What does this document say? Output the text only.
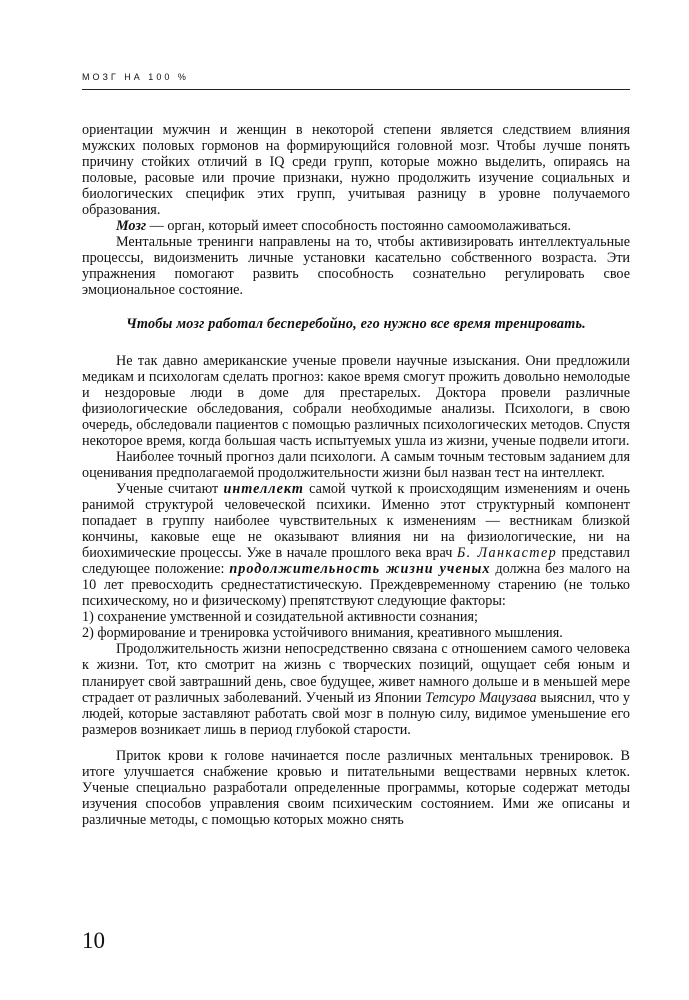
МОЗГ НА 100 %

ориентации мужчин и женщин в некоторой степени является следствием влияния мужских половых гормонов на формирующийся головной мозг. Чтобы лучше понять причину стойких отличий в IQ среди групп, которые можно выделить, опираясь на половые, расовые или прочие признаки, нужно продолжить изучение социальных и биологических специфик этих групп, учитывая разницу в уровне получаемого образования.

Мозг — орган, который имеет способность постоянно самоомолаживаться.

Ментальные тренинги направлены на то, чтобы активизировать интеллектуальные процессы, видоизменить личные установки касательно собственного возраста. Эти упражнения помогают развить способность сознательно регулировать свое эмоциональное состояние.

Чтобы мозг работал бесперебойно, его нужно все время тренировать.

Не так давно американские ученые провели научные изыскания. Они предложили медикам и психологам сделать прогноз: какое время смогут прожить довольно немолодые и нездоровые люди в доме для престарелых. Доктора провели различные физиологические обследования, собрали необходимые анализы. Психологи, в свою очередь, обследовали пациентов с помощью различных психологических методов. Спустя некоторое время, когда большая часть испытуемых ушла из жизни, ученые подвели итоги.

Наиболее точный прогноз дали психологи. А самым точным тестовым заданием для оценивания предполагаемой продолжительности жизни был назван тест на интеллект.

Ученые считают интеллект самой чуткой к происходящим изменениям и очень ранимой структурой человеческой психики. Именно этот структурный компонент попадает в группу наиболее чувствительных к изменениям — вестникам близкой кончины, каковые еще не оказывают влияния ни на физиологические, ни на биохимические процессы. Уже в начале прошлого века врач Б. Ланкастер представил следующее положение: продолжительность жизни ученых должна без малого на 10 лет превосходить среднестатистическую. Преждевременному старению (не только психическому, но и физическому) препятствуют следующие факторы:

1) сохранение умственной и созидательной активности сознания;

2) формирование и тренировка устойчивого внимания, креативного мышления.

Продолжительность жизни непосредственно связана с отношением самого человека к жизни. Тот, кто смотрит на жизнь с творческих позиций, ощущает себя юным и планирует свой завтрашний день, свое будущее, живет намного дольше и в меньшей мере страдает от различных заболеваний. Ученый из Японии Тетсуро Мацузава выяснил, что у людей, которые заставляют работать свой мозг в полную силу, видимое уменьшение его размеров возникает лишь в период глубокой старости.

Приток крови к голове начинается после различных ментальных тренировок. В итоге улучшается снабжение кровью и питательными веществами нервных клеток. Ученые специально разработали определенные программы, которые содержат методы изучения способов управления своим психическим состоянием. Ими же описаны и различные методы, с помощью которых можно снять

10
